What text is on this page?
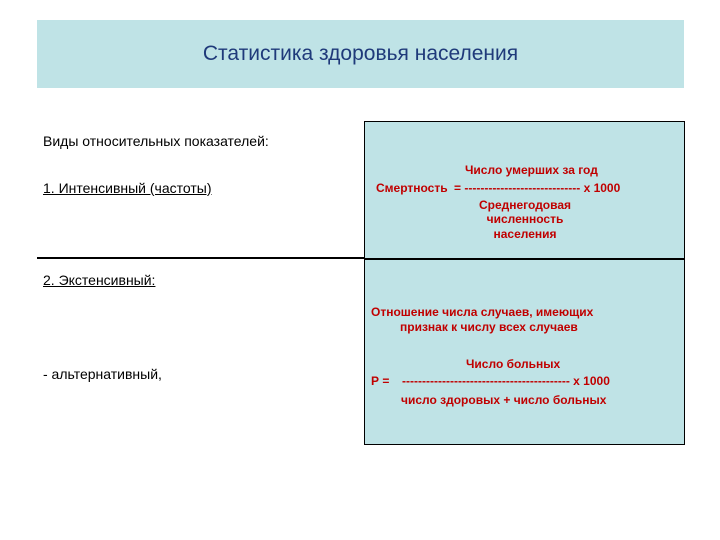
Статистика здоровья населения
Виды относительных показателей:
1. Интенсивный (частоты)
2. Экстенсивный:
- альтернативный,
Число умерших за год
Смертность = ----------------------------- х 1000
Среднегодовая
численность
населения
Отношение числа случаев, имеющих
признак к числу всех случаев
Число больных
Р = ------------------------------------------ х 1000
число здоровых + число больных
